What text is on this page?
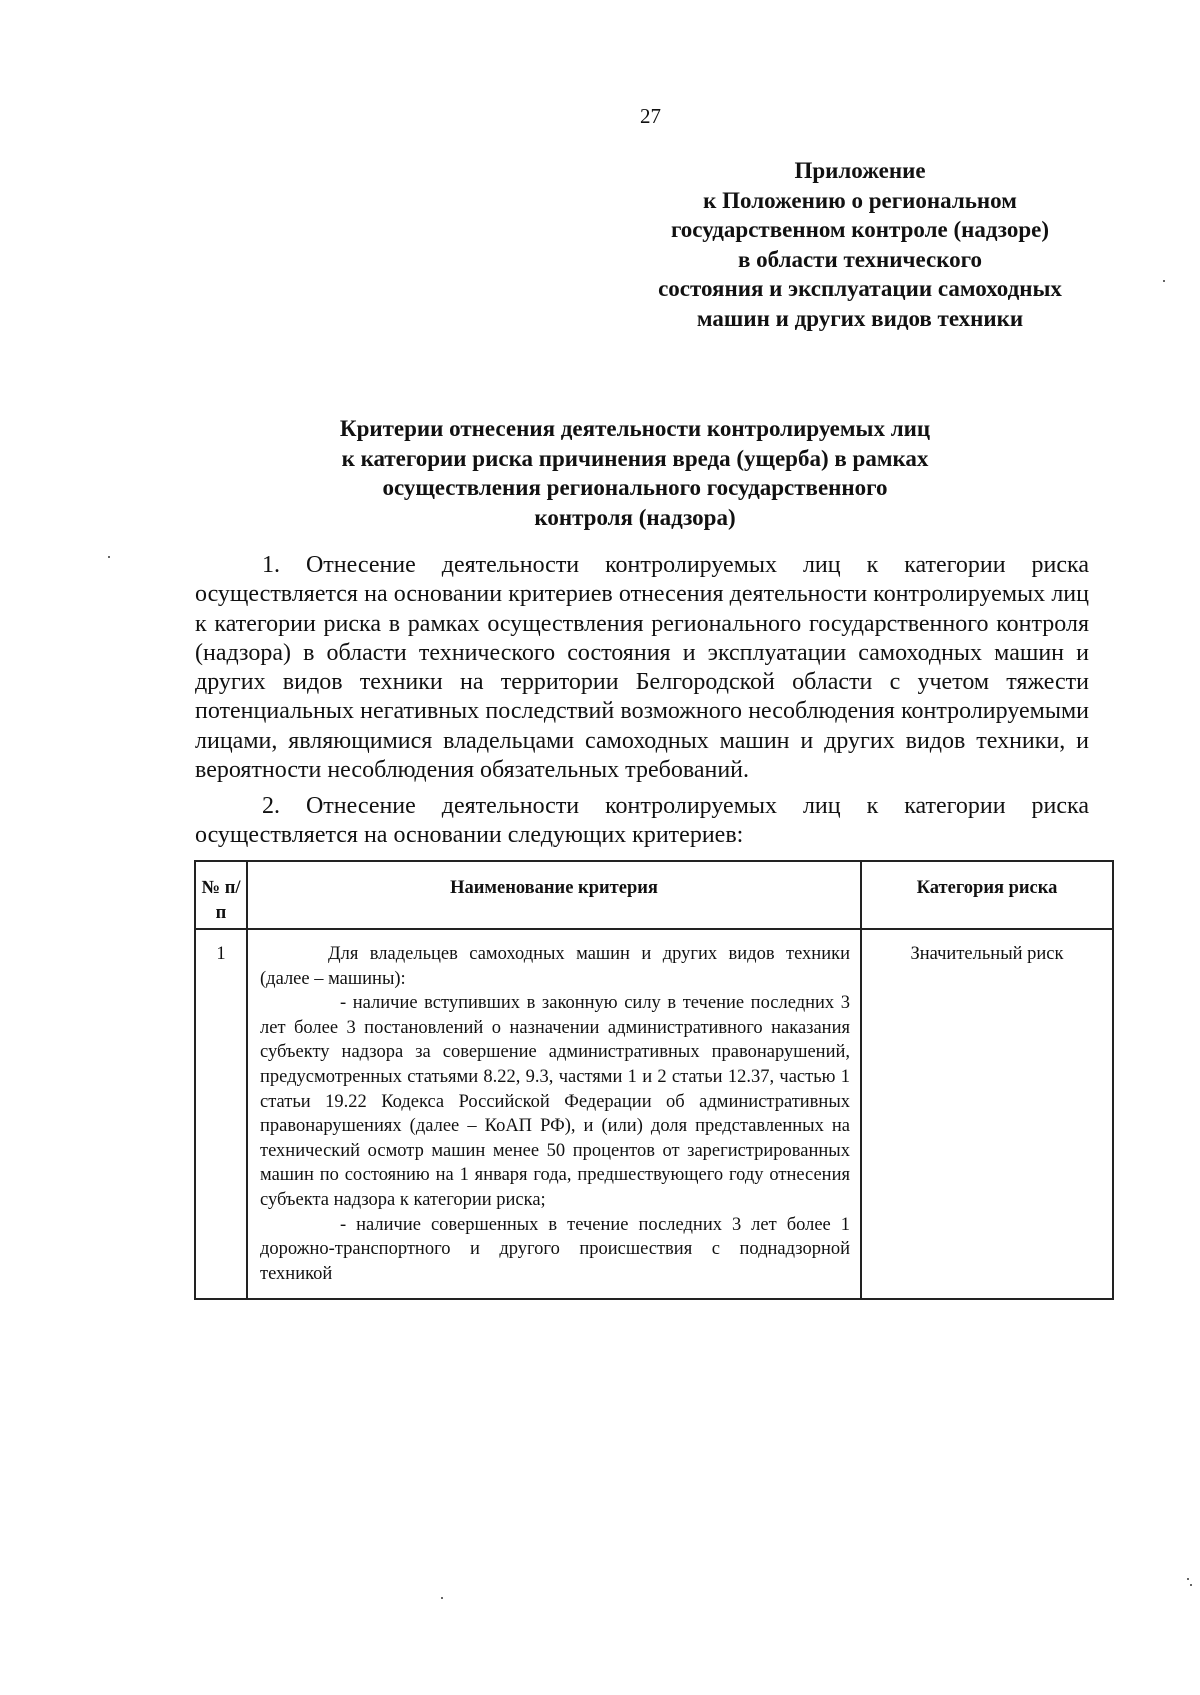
27
Приложение
к Положению о региональном
государственном контроле (надзоре)
в области технического
состояния и эксплуатации самоходных
машин и других видов техники
Критерии отнесения деятельности контролируемых лиц
к категории риска причинения вреда (ущерба) в рамках
осуществления регионального государственного
контроля (надзора)

1. Отнесение деятельности контролируемых лиц к категории риска осуществляется на основании критериев отнесения деятельности контролируемых лиц к категории риска в рамках осуществления регионального государственного контроля (надзора) в области технического состояния и эксплуатации самоходных машин и других видов техники на территории Белгородской области с учетом тяжести потенциальных негативных последствий возможного несоблюдения контролируемыми лицами, являющимися владельцами самоходных машин и других видов техники, и вероятности несоблюдения обязательных требований.

2. Отнесение деятельности контролируемых лиц к категории риска осуществляется на основании следующих критериев:

№ п/п	Наименование критерия	Категория риска
1	Для владельцев самоходных машин и других видов техники (далее – машины):

- наличие вступивших в законную силу в течение последних 3 лет более 3 постановлений о назначении административного наказания субъекту надзора за совершение административных правонарушений, предусмотренных статьями 8.22, 9.3, частями 1 и 2 статьи 12.37, частью 1 статьи 19.22 Кодекса Российской Федерации об административных правонарушениях (далее – КоАП РФ), и (или) доля представленных на технический осмотр машин менее 50 процентов от зарегистрированных машин по состоянию на 1 января года, предшествующего году отнесения субъекта надзора к категории риска;

- наличие совершенных в течение последних 3 лет более 1 дорожно-транспортного и другого происшествия с поднадзорной техникой	Значительный риск
